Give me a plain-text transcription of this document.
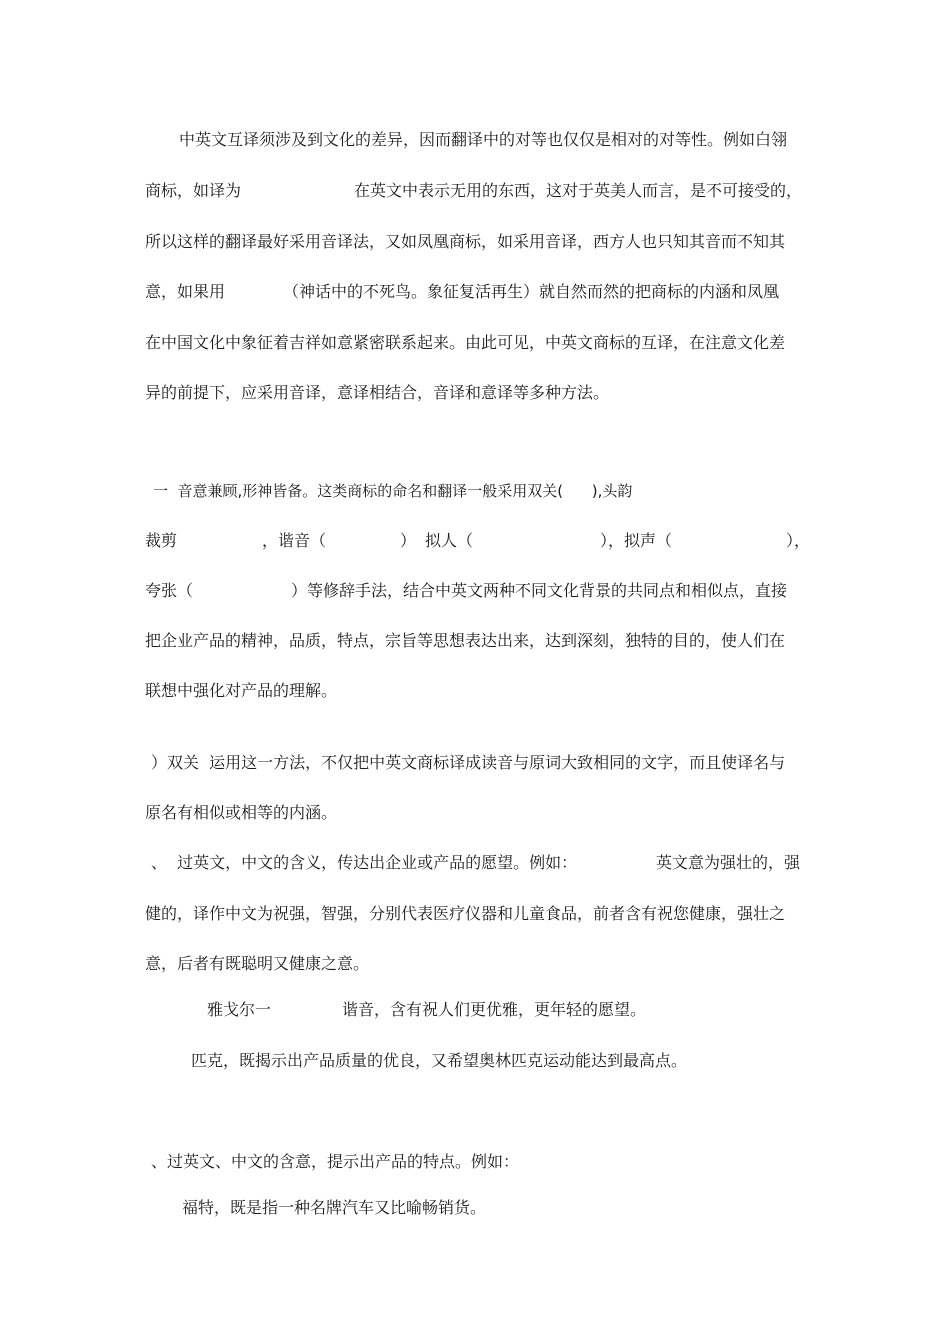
中英文互译须涉及到文化的差异，因而翻译中的对等也仅仅是相对的对等性。例如白翎
商标，如译为	在英文中表示无用的东西，这对于英美人而言，是不可接受的，
所以这样的翻译最好采用音译法，又如凤凰商标，如采用音译，西方人也只知其音而不知其
意，如果用	（神话中的不死鸟。象征复活再生）就自然而然的把商标的内涵和凤凰
在中国文化中象征着吉祥如意紧密联系起来。由此可见，中英文商标的互译，在注意文化差
异的前提下，应采用音译，意译相结合，音译和意译等多种方法。
一  音意兼顾,形神皆备。这类商标的命名和翻译一般采用双关(      ),头韵
裁剪	，谐音（	） 拟人（	），拟声（	），
夸张（	）等修辞手法，结合中英文两种不同文化背景的共同点和相似点，直接
把企业产品的精神，品质，特点，宗旨等思想表达出来，达到深刻，独特的目的，使人们在
联想中强化对产品的理解。
）双关  运用这一方法，不仅把中英文商标译成读音与原词大致相同的文字，而且使译名与
原名有相似或相等的内涵。
、  过英文，中文的含义，传达出企业或产品的愿望。例如：	英文意为强壮的，强
健的，译作中文为祝强，智强，分别代表医疗仪器和儿童食品，前者含有祝您健康，强壮之
意，后者有既聪明又健康之意。
雅戈尔一	谐音，含有祝人们更优雅，更年轻的愿望。
匹克，既揭示出产品质量的优良，又希望奥林匹克运动能达到最高点。
、过英文、中文的含意，提示出产品的特点。例如：
福特，既是指一种名牌汽车又比喻畅销货。
